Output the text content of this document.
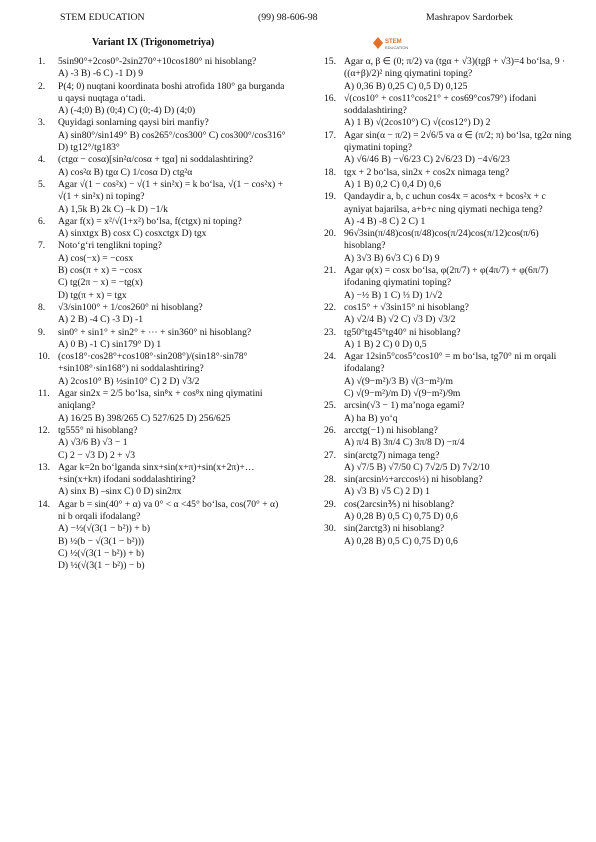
STEM EDUCATION	(99) 98-606-98	Mashrapov Sardorbek
Variant IX (Trigonometriya)	STEM
EDUCATION
1.	5sin90°+2cos0°-2sin270°+10cos180° ni hisoblang?
A) -3 B) -6 C) -1 D) 9
2.	P(4; 0) nuqtani koordinata boshi atrofida 180° ga burganda u qaysi nuqtaga o‘tadi.
A) (-4;0) B) (0;4) C) (0;-4) D) (4;0)
3.	Quyidagi sonlarning qaysi biri manfiy?
A) sin80°/sin149° B) cos265°/cos300° C) cos300°/cos316° D) tg12°/tg183°
4.	(ctgα − cosα)[sin²α/cosα + tgα] ni soddalashtiring?
A) cos²α B) tgα C) 1/cosα D) ctg²α
5.	Agar √(1 − cos²x) − √(1 + sin²x) = k bo‘lsa, √(1 − cos²x) + √(1 + sin²x) ni toping?
A) 1,5k B) 2k C) –k D) −1/k
6.	Agar f(x) = x²/√(1+x²) bo‘lsa, f(ctgx) ni toping?
A) sinxtgx B) cosx C) cosxctgx D) tgx
7.	Noto‘g‘ri tenglikni toping?
A) cos(−x) = −cosx
B) cos(π + x) = −cosx
C) tg(2π − x) = −tg(x)
D) tg(π + x) = tgx
8.	√3/sin100° + 1/cos260° ni hisoblang?
A) 2 B) -4 C) -3 D) -1
9.	sin0° + sin1° + sin2° + ⋯ + sin360° ni hisoblang?
A) 0 B) -1 C) sin179° D) 1
10. (cos18°·cos28°+cos108°·sin208°)/(sin18°·sin78°+sin108°·sin168°) ni soddalashtiring?
A) 2cos10° B) ½sin10° C) 2 D) √3/2
11. Agar sin2x = 2/5 bo‘lsa, sin⁸x + cos⁸x ning qiymatini aniqlang?
A) 16/25 B) 398/265 C) 527/625 D) 256/625
12. tg555° ni hisoblang?
A) √3/6 B) √3 − 1
C) 2 − √3 D) 2 + √3
13. Agar k=2n bo‘lganda sinx+sin(x+π)+sin(x+2π)+…+sin(x+kπ) ifodani soddalashtiring?
A) sinx B) –sinx C) 0 D) sin2πx
14. Agar b = sin(40° + α) va 0° < α <45° bo‘lsa, cos(70° + α) ni b orqali ifodalang?
A) −½(√(3(1 − b²)) + b)
B) ½(b − √(3(1 − b²)))
C) ½(√(3(1 − b²)) + b)
D) ½(√(3(1 − b²)) − b)
15. Agar α, β ∈ (0; π/2) va (tgα + √3)(tgβ + √3)=4 bo‘lsa, 9 · ((α+β)/2)² ning qiymatini toping?
A) 0,36 B) 0,25 C) 0,5 D) 0,125
16. √(cos10° + cos11°cos21° + cos69°cos79°) ifodani soddalashtiring?
A) 1 B) √(2cos10°) C) √(cos12°) D) 2
17. Agar sin(α − π/2) = 2√6/5 va α ∈ (π/2; π) bo‘lsa, tg2α ning qiymatini toping?
A) √6/46 B) −√6/23 C) 2√6/23 D) −4√6/23
18. tgx + 2 bo‘lsa, sin2x + cos2x nimaga teng?
A) 1 B) 0,2 C) 0,4 D) 0,6
19. Qandaydir a, b, c uchun cos4x = acos⁴x + bcos²x + c ayniyat bajarilsa, a+b+c ning qiymati nechiga teng?
A) -4 B) -8 C) 2 C) 1
20. 96√3sin(π/48)cos(π/48)cos(π/24)cos(π/12)cos(π/6) hisoblang?
A) 3√3 B) 6√3 C) 6 D) 9
21. Agar φ(x) = cosx bo‘lsa, φ(2π/7) + φ(4π/7) + φ(6π/7) ifodaning qiymatini toping?
A) −½ B) 1 C) ⅓ D) 1/√2
22. cos15° + √3sin15° ni hisoblang?
A) √2/4 B) √2 C) √3 D) √3/2
23. tg50°tg45°tg40° ni hisoblang?
A) 1 B) 2 C) 0 D) 0,5
24. Agar 12sin5°cos5°cos10° = m bo‘lsa, tg70° ni m orqali ifodalang?
A) √(9−m²)/3 B) √(3−m²)/m
C) √(9−m²)/m D) √(9−m²)/9m
25. arcsin(√3 − 1) ma’noga egami?
A) ha B) yo‘q
26. arcctg(−1) ni hisoblang?
A) π/4 B) 3π/4 C) 3π/8 D) −π/4
27. sin(arctg7) nimaga teng?
A) √7/5 B) √7/50 C) 7√2/5 D) 7√2/10
28. sin(arcsin½+arccos½) ni hisoblang?
A) √3 B) √5 C) 2 D) 1
29. cos(2arcsin⅗) ni hisoblang?
A) 0,28 B) 0,5 C) 0,75 D) 0,6
30. sin(2arctg3) ni hisoblang?
A) 0,28 B) 0,5 C) 0,75 D) 0,6
